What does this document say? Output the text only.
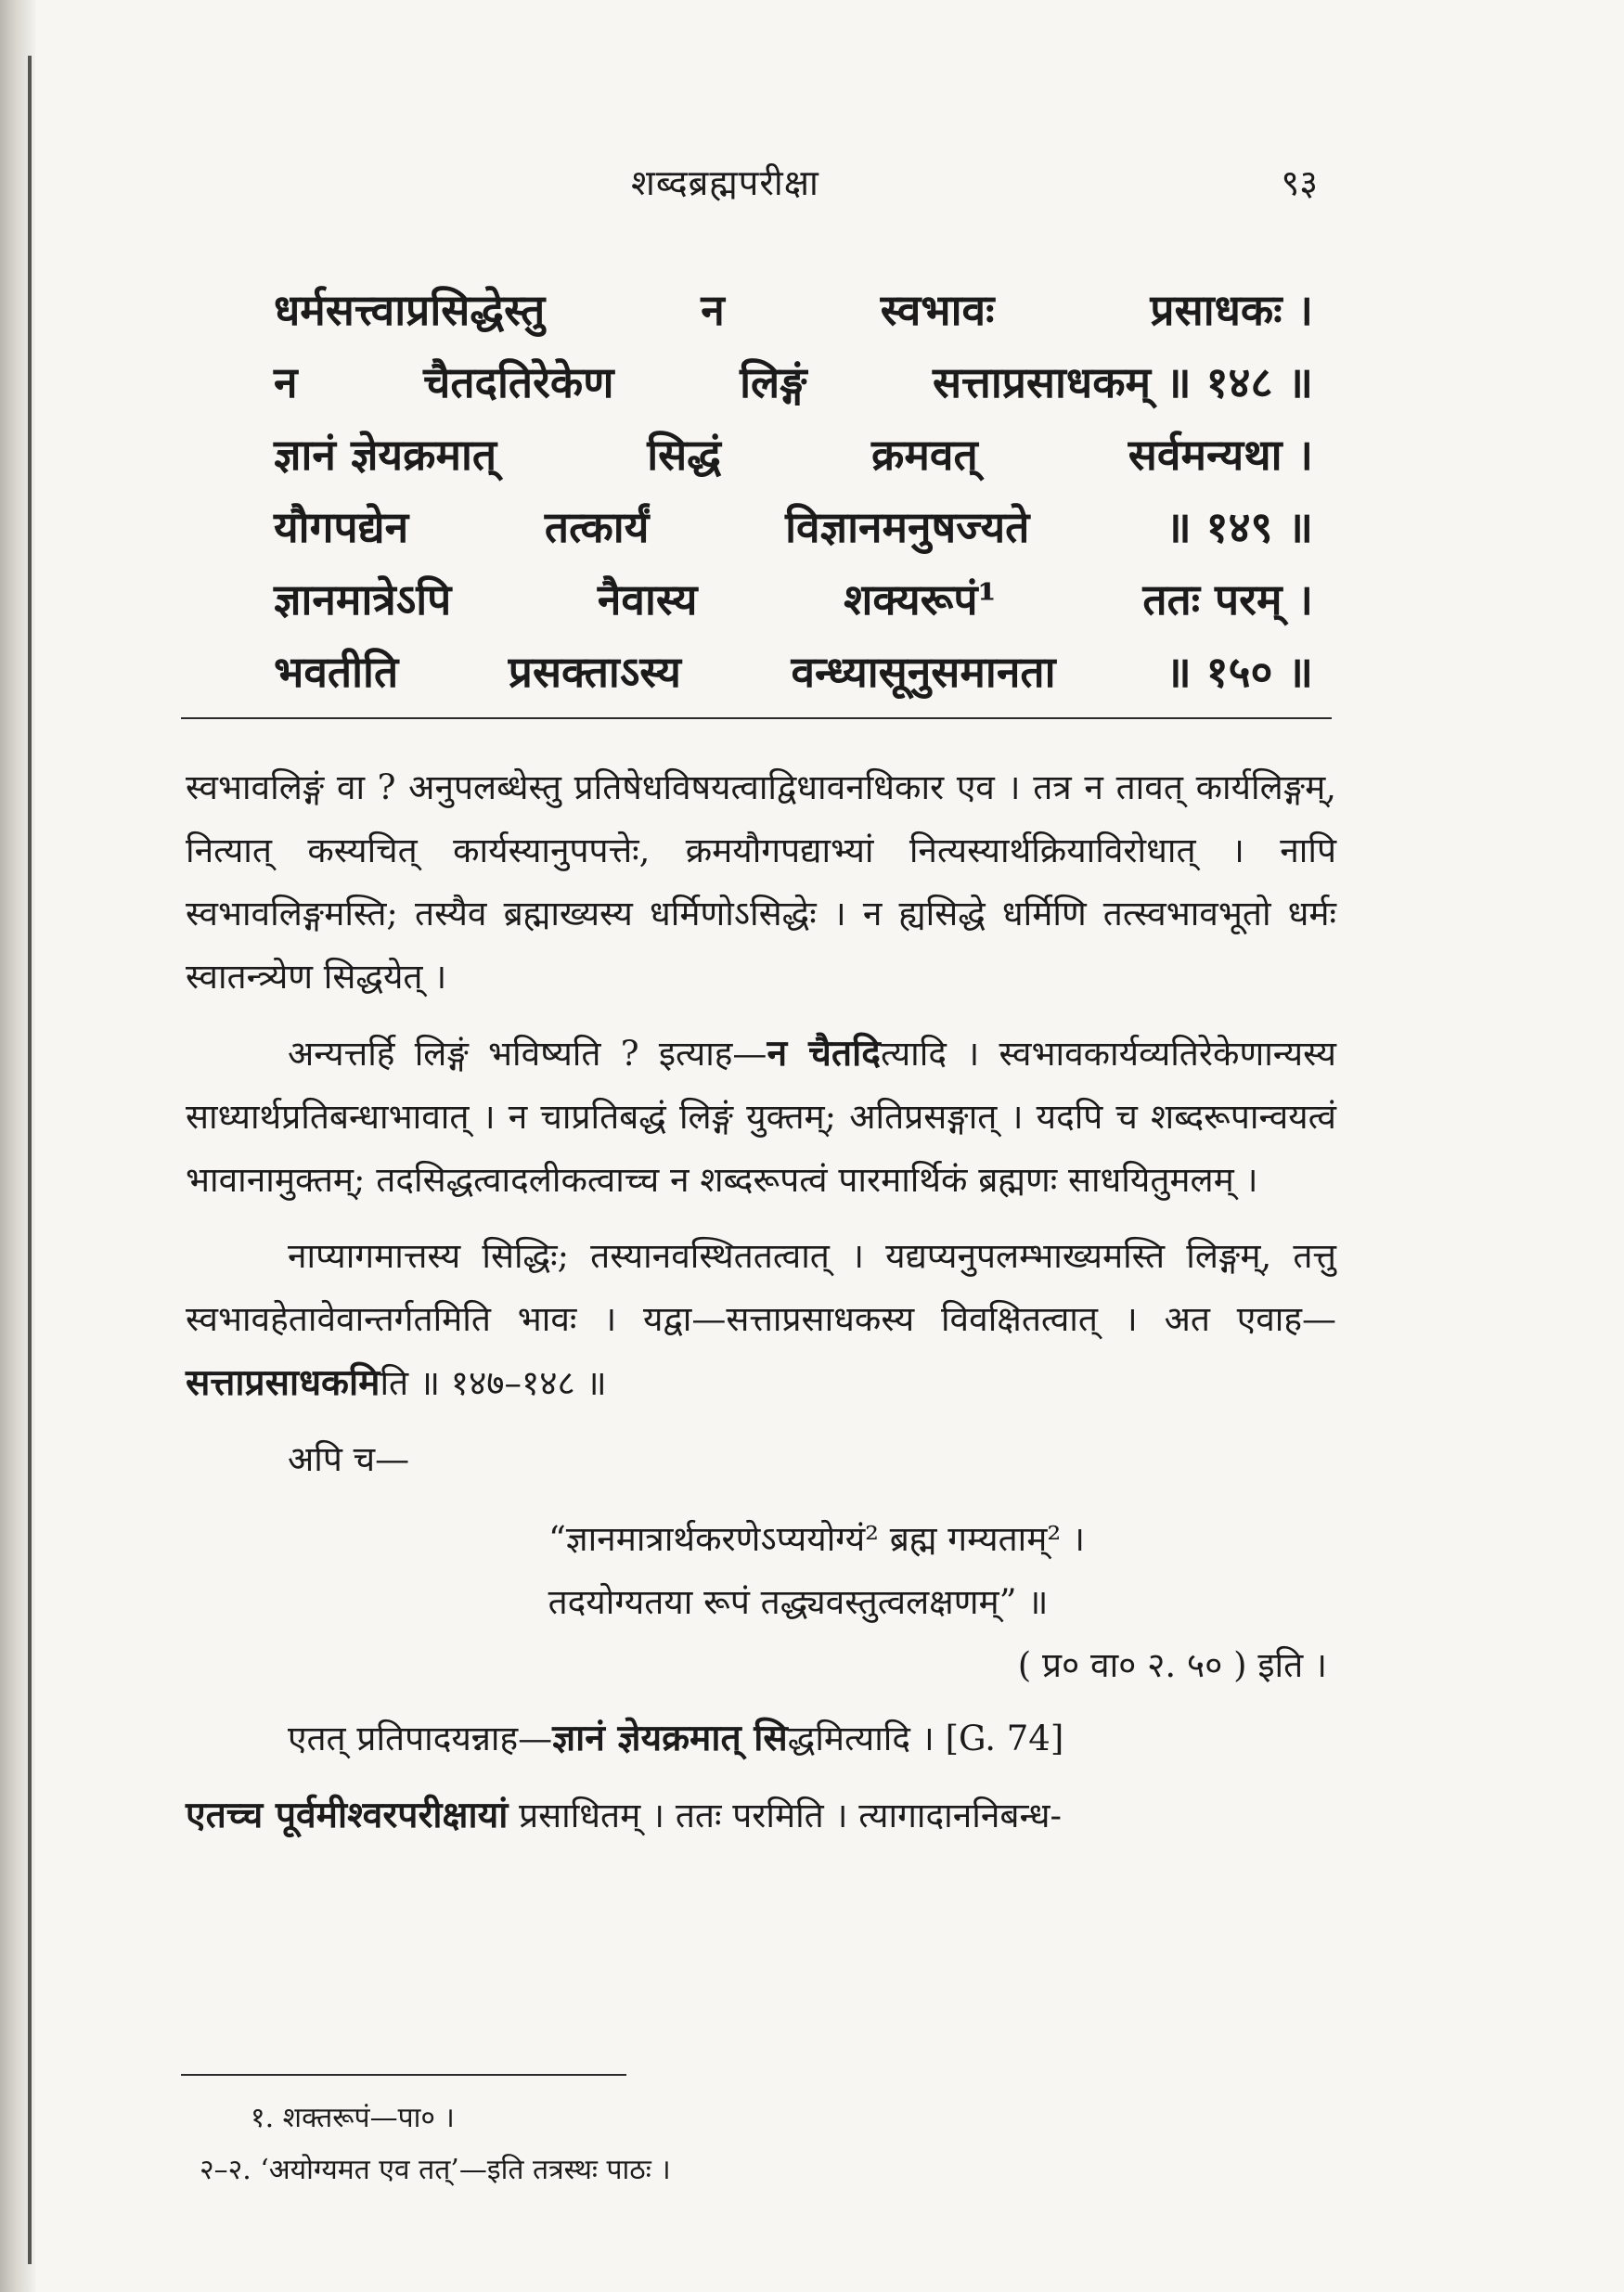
शब्दब्रह्मपरीक्षा	९३
धर्मसत्त्वाप्रसिद्धेस्तु	न	स्वभावः	प्रसाधकः ।
न	चैतदतिरेकेण	लिङ्गं	सत्ताप्रसाधकम् ॥ १४८ ॥
ज्ञानं ज्ञेयक्रमात्	सिद्धं	क्रमवत्	सर्वमन्यथा ।
यौगपद्येन	तत्कार्यं	विज्ञानमनुषज्यते	॥ १४९ ॥
ज्ञानमात्रेऽपि	नैवास्य	शक्यरूपं¹	ततः परम् ।
भवतीति	प्रसक्ताऽस्य	वन्ध्यासूनुसमानता	॥ १५० ॥

स्वभावलिङ्गं वा ? अनुपलब्धेस्तु प्रतिषेधविषयत्वाद्विधावनधिकार एव । तत्र न तावत् कार्यलिङ्गम्, नित्यात् कस्यचित् कार्यस्यानुपपत्तेः, क्रमयौगपद्याभ्यां नित्यस्यार्थक्रियाविरोधात् । नापि स्वभावलिङ्गमस्ति; तस्यैव ब्रह्माख्यस्य धर्मिणोऽसिद्धेः । न ह्यसिद्धे धर्मिणि तत्स्वभावभूतो धर्मः स्वातन्त्र्येण सिद्धयेत् ।

अन्यत्तर्हि लिङ्गं भविष्यति ? इत्याह—न चैतदित्यादि । स्वभावकार्यव्यतिरेकेणान्यस्य साध्यार्थप्रतिबन्धाभावात् । न चाप्रतिबद्धं लिङ्गं युक्तम्; अतिप्रसङ्गात् । यदपि च शब्दरूपान्वयत्वं भावानामुक्तम्; तदसिद्धत्वादलीकत्वाच्च न शब्दरूपत्वं पारमार्थिकं ब्रह्मणः साधयितुमलम् ।

नाप्यागमात्तस्य सिद्धिः; तस्यानवस्थिततत्वात् । यद्यप्यनुपलम्भाख्यमस्ति लिङ्गम्, तत्तु स्वभावहेतावेवान्तर्गतमिति भावः । यद्वा—सत्ताप्रसाधकस्य विवक्षितत्वात् । अत एवाह—सत्ताप्रसाधकमिति ॥ १४७–१४८ ॥

अपि च—

“ज्ञानमात्रार्थकरणेऽप्ययोग्यं² ब्रह्म गम्यताम्² ।
तदयोग्यतया रूपं तद्ध्यवस्तुत्वलक्षणम्” ॥
( प्र० वा० २. ५० ) इति ।

एतत् प्रतिपादयन्नाह—ज्ञानं ज्ञेयक्रमात् सिद्धमित्यादि । [G. 74]

एतच्च पूर्वमीश्वरपरीक्षायां प्रसाधितम् । ततः परमिति । त्यागादाननिबन्ध-

१. शक्तरूपं—पा० ।
२–२. ‘अयोग्यमत एव तत्’—इति तत्रस्थः पाठः ।
